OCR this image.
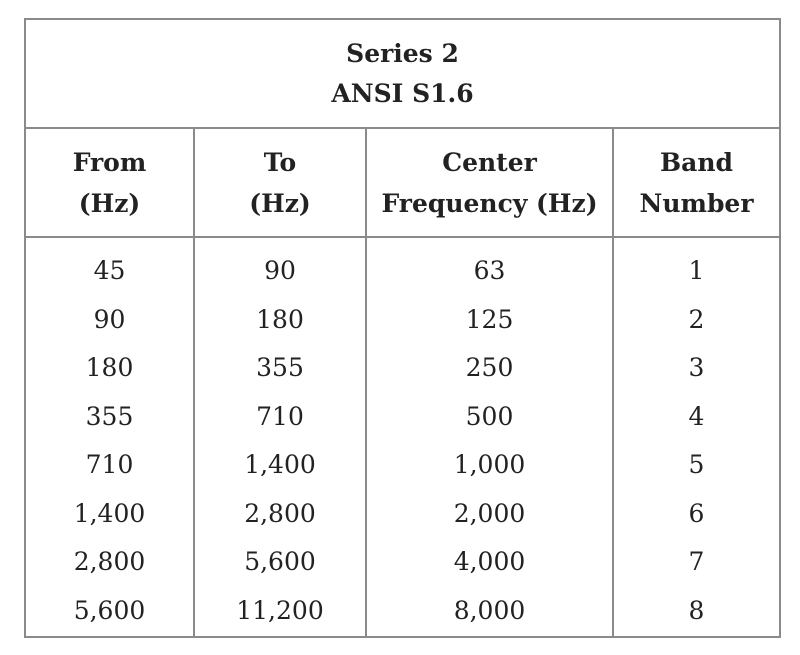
Series 2
ANSI S1.6
From
(Hz)
To
(Hz)
Center
Frequency (Hz)
Band
Number
45
90
180
355
710
1,400
2,800
5,600
90
180
355
710
1,400
2,800
5,600
11,200
63
125
250
500
1,000
2,000
4,000
8,000
1
2
3
4
5
6
7
8
